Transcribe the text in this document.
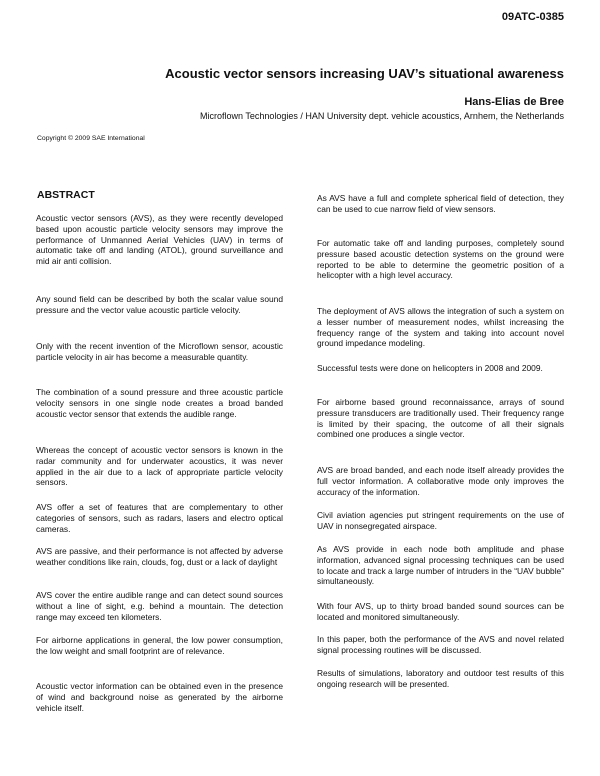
09ATC-0385
Acoustic vector sensors increasing UAV’s situational awareness
Hans-Elias de Bree
Microflown Technologies / HAN University dept. vehicle acoustics, Arnhem, the Netherlands
Copyright © 2009 SAE International
ABSTRACT

Acoustic vector sensors (AVS), as they were recently developed based upon acoustic particle velocity sensors may improve the performance of Unmanned Aerial Vehicles (UAV) in terms of automatic take off and landing (ATOL), ground surveillance and mid air anti collision.

Any sound field can be described by both the scalar value sound pressure and the vector value acoustic particle velocity.

Only with the recent invention of the Microflown sensor, acoustic particle velocity in air has become a measurable quantity.

The combination of a sound pressure and three acoustic particle velocity sensors in one single node creates a broad banded acoustic vector sensor that extends the audible range.

Whereas the concept of acoustic vector sensors is known in the radar community and for underwater acoustics, it was never applied in the air due to a lack of appropriate particle velocity sensors.

AVS offer a set of features that are complementary to other categories of sensors, such as radars, lasers and electro optical cameras.

AVS are passive, and their performance is not affected by adverse weather conditions like rain, clouds, fog, dust or a lack of daylight

AVS cover the entire audible range and can detect sound sources without a line of sight, e.g. behind a mountain. The detection range may exceed ten kilometers.

For airborne applications in general, the low power consumption, the low weight and small footprint are of relevance.

Acoustic vector information can be obtained even in the presence of wind and background noise as generated by the airborne vehicle itself.

As AVS have a full and complete spherical field of detection, they can be used to cue narrow field of view sensors.

For automatic take off and landing purposes, completely sound pressure based acoustic detection systems on the ground were reported to be able to determine the geometric position of a helicopter with a high level accuracy.

The deployment of AVS allows the integration of such a system on a lesser number of measurement nodes, whilst increasing the frequency range of the system and taking into account novel ground impedance modeling.

Successful tests were done on helicopters in 2008 and 2009.

For airborne based ground reconnaissance, arrays of sound pressure transducers are traditionally used. Their frequency range is limited by their spacing, the outcome of all their signals combined one produces a single vector.

AVS are broad banded, and each node itself already provides the full vector information. A collaborative mode only improves the accuracy of the information.

Civil aviation agencies put stringent requirements on the use of UAV in nonsegregated airspace.

As AVS provide in each node both amplitude and phase information, advanced signal processing techniques can be used to locate and track a large number of intruders in the “UAV bubble” simultaneously.

With four AVS, up to thirty broad banded sound sources can be located and monitored simultaneously.

In this paper, both the performance of the AVS and novel related signal processing routines will be discussed.

Results of simulations, laboratory and outdoor test results of this ongoing research will be presented.
